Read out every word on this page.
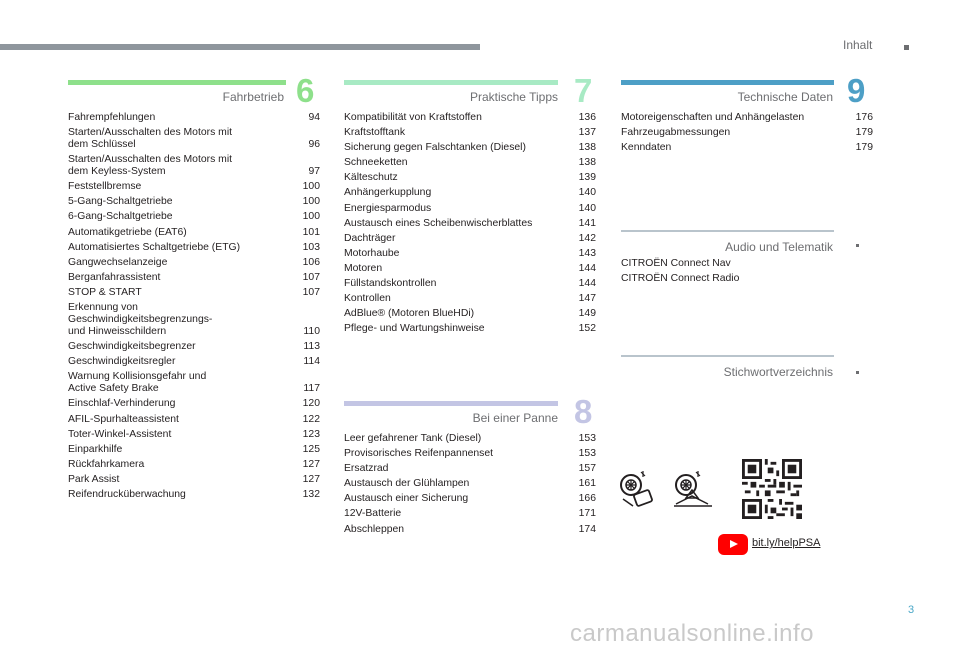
Inhalt
Fahrbetrieb 6
Fahrempfehlungen	94
Starten/Ausschalten des Motors mit
dem Schlüssel	96
Starten/Ausschalten des Motors mit
dem Keyless-System	97
Feststellbremse	100
5-Gang-Schaltgetriebe	100
6-Gang-Schaltgetriebe	100
Automatikgetriebe (EAT6)	101
Automatisiertes Schaltgetriebe (ETG)	103
Gangwechselanzeige	106
Berganfahrassistent	107
STOP & START	107
Erkennung von
Geschwindigkeitsbegrenzungs-
und Hinweisschildern	110
Geschwindigkeitsbegrenzer	113
Geschwindigkeitsregler	114
Warnung Kollisionsgefahr und
Active Safety Brake	117
Einschlaf-Verhinderung	120
AFIL-Spurhalteassistent	122
Toter-Winkel-Assistent	123
Einparkhilfe	125
Rückfahrkamera	127
Park Assist	127
Reifendrucküberwachung	132
Praktische Tipps 7
Kompatibilität von Kraftstoffen	136
Kraftstofftank	137
Sicherung gegen Falschtanken (Diesel)	138
Schneeketten	138
Kälteschutz	139
Anhängerkupplung	140
Energiesparmodus	140
Austausch eines Scheibenwischerblattes	141
Dachträger	142
Motorhaube	143
Motoren	144
Füllstandskontrollen	144
Kontrollen	147
AdBlue® (Motoren BlueHDi)	149
Pflege- und Wartungshinweise	152
Bei einer Panne 8
Leer gefahrener Tank (Diesel)	153
Provisorisches Reifenpannenset	153
Ersatzrad	157
Austausch der Glühlampen	161
Austausch einer Sicherung	166
12V-Batterie	171
Abschleppen	174
Technische Daten 9
Motoreigenschaften und Anhängelasten	176
Fahrzeugabmessungen	179
Kenndaten	179
Audio und Telematik
CITROËN Connect Nav
CITROËN Connect Radio
Stichwortverzeichnis
bit.ly/helpPSA
3
carmanualsonline.info
